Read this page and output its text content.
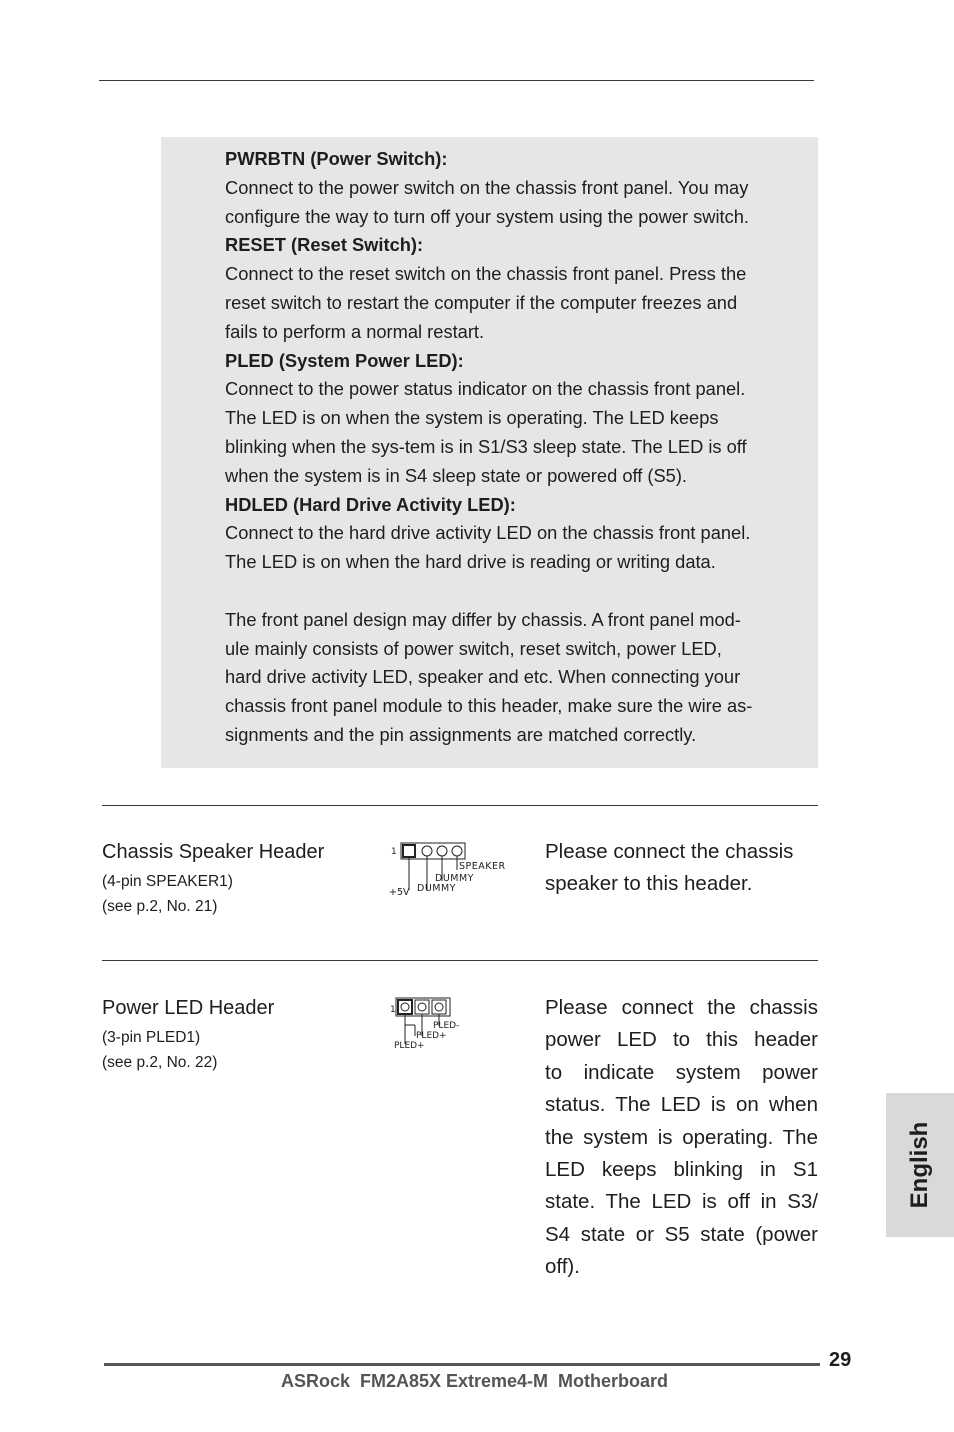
PWRBTN (Power Switch):
Connect to the power switch on the chassis front panel. You may
configure the way to turn off your system using the power switch.
RESET (Reset Switch):
Connect to the reset switch on the chassis front panel. Press the
reset switch to restart the computer if the computer freezes and
fails to perform a normal restart.
PLED (System Power LED):
Connect to the power status indicator on the chassis front panel.
The LED is on when the system is operating. The LED keeps
blinking when the sys-tem is in S1/S3 sleep state. The LED is off
when the system is in S4 sleep state or powered off (S5).
HDLED (Hard Drive Activity LED):
Connect to the hard drive activity LED on the chassis front panel.
The LED is on when the hard drive is reading or writing data.
The front panel design may differ by chassis. A front panel mod-
ule mainly consists of power switch, reset switch, power LED,
hard drive activity LED, speaker and etc. When connecting your
chassis front panel module to this header, make sure the wire as-
signments and the pin assignments are matched correctly.
Chassis Speaker Header
(4-pin SPEAKER1)
(see p.2, No. 21)
1
SPEAKER
DUMMY
DUMMY
+5V
Please connect the chassis
speaker to this header.
Power LED Header
(3-pin PLED1)
(see p.2, No. 22)
1
PLED-
PLED+
PLED+
Please connect the chassis
power LED to this header
to indicate system power
status. The LED is on when
the system is operating. The
LED keeps blinking in S1
state. The LED is off in S3/
S4 state or S5 state (power
off).
English
29
ASRock  FM2A85X Extreme4-M  Motherboard
